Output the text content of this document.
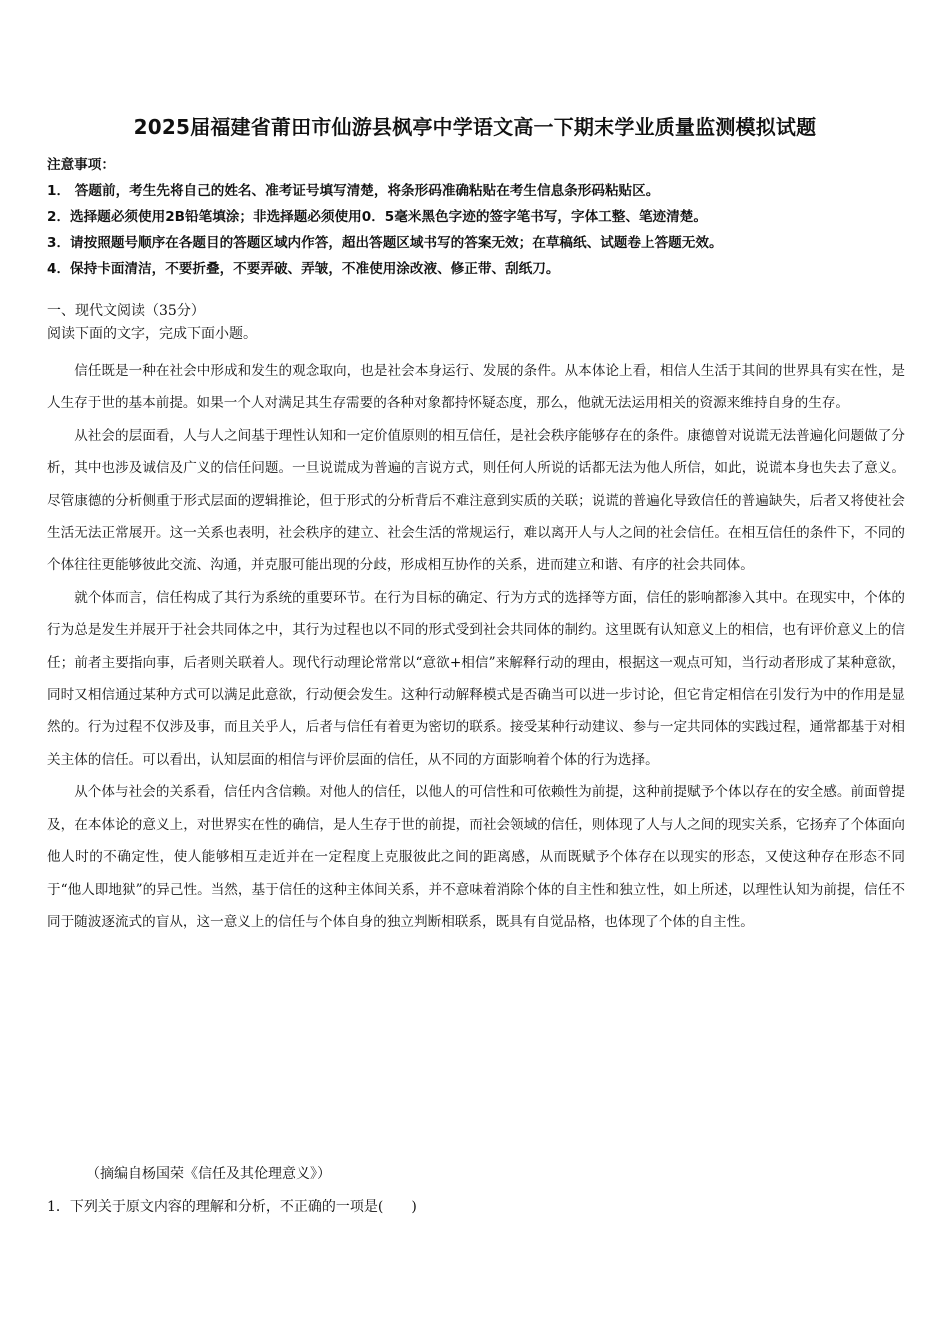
2025届福建省莆田市仙游县枫亭中学语文高一下期末学业质量监测模拟试题
注意事项：
1． 答题前，考生先将自己的姓名、准考证号填写清楚，将条形码准确粘贴在考生信息条形码粘贴区。
2．选择题必须使用2B铅笔填涂；非选择题必须使用0．5毫米黑色字迹的签字笔书写，字体工整、笔迹清楚。
3．请按照题号顺序在各题目的答题区域内作答，超出答题区域书写的答案无效；在草稿纸、试题卷上答题无效。
4．保持卡面清洁，不要折叠，不要弄破、弄皱，不准使用涂改液、修正带、刮纸刀。
一、现代文阅读（35分）
阅读下面的文字，完成下面小题。

信任既是一种在社会中形成和发生的观念取向，也是社会本身运行、发展的条件。从本体论上看，相信人生活于其间的世界具有实在性，是人生存于世的基本前提。如果一个人对满足其生存需要的各种对象都持怀疑态度，那么，他就无法运用相关的资源来维持自身的生存。

从社会的层面看，人与人之间基于理性认知和一定价值原则的相互信任，是社会秩序能够存在的条件。康德曾对说谎无法普遍化问题做了分析，其中也涉及诚信及广义的信任问题。一旦说谎成为普遍的言说方式，则任何人所说的话都无法为他人所信，如此，说谎本身也失去了意义。尽管康德的分析侧重于形式层面的逻辑推论，但于形式的分析背后不难注意到实质的关联；说谎的普遍化导致信任的普遍缺失，后者又将使社会生活无法正常展开。这一关系也表明，社会秩序的建立、社会生活的常规运行，难以离开人与人之间的社会信任。在相互信任的条件下，不同的个体往往更能够彼此交流、沟通，并克服可能出现的分歧，形成相互协作的关系，进而建立和谐、有序的社会共同体。

就个体而言，信任构成了其行为系统的重要环节。在行为目标的确定、行为方式的选择等方面，信任的影响都渗入其中。在现实中，个体的行为总是发生并展开于社会共同体之中，其行为过程也以不同的形式受到社会共同体的制约。这里既有认知意义上的相信，也有评价意义上的信任；前者主要指向事，后者则关联着人。现代行动理论常常以“意欲+相信”来解释行动的理由，根据这一观点可知，当行动者形成了某种意欲，同时又相信通过某种方式可以满足此意欲，行动便会发生。这种行动解释模式是否确当可以进一步讨论，但它肯定相信在引发行为中的作用是显然的。行为过程不仅涉及事，而且关乎人，后者与信任有着更为密切的联系。接受某种行动建议、参与一定共同体的实践过程，通常都基于对相关主体的信任。可以看出，认知层面的相信与评价层面的信任，从不同的方面影响着个体的行为选择。

从个体与社会的关系看，信任内含信赖。对他人的信任，以他人的可信性和可依赖性为前提，这种前提赋予个体以存在的安全感。前面曾提及，在本体论的意义上，对世界实在性的确信，是人生存于世的前提，而社会领域的信任，则体现了人与人之间的现实关系，它扬弃了个体面向他人时的不确定性，使人能够相互走近并在一定程度上克服彼此之间的距离感，从而既赋予个体存在以现实的形态，又使这种存在形态不同于“他人即地狱”的异己性。当然，基于信任的这种主体间关系，并不意味着消除个体的自主性和独立性，如上所述，以理性认知为前提，信任不同于随波逐流式的盲从，这一意义上的信任与个体自身的独立判断相联系，既具有自觉品格，也体现了个体的自主性。

（摘编自杨国荣《信任及其伦理意义》）
1．下列关于原文内容的理解和分析，不正确的一项是(　　)
